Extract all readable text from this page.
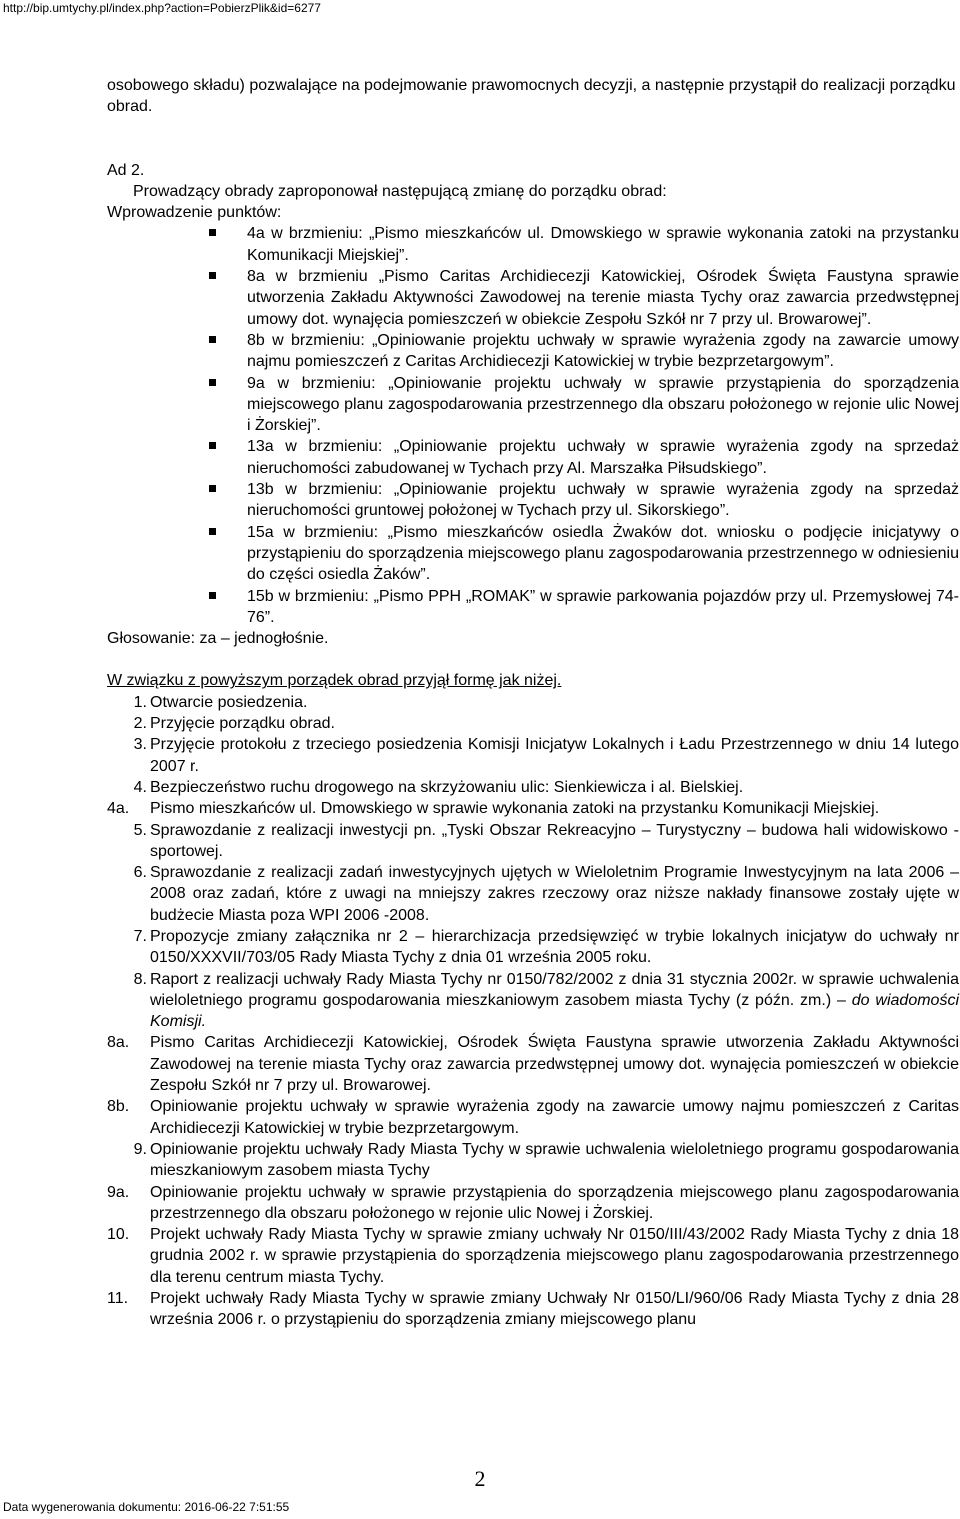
http://bip.umtychy.pl/index.php?action=PobierzPlik&id=6277

osobowego składu) pozwalające na podejmowanie prawomocnych decyzji, a następnie przystąpił do realizacji porządku obrad.

Ad 2.

Prowadzący obrady zaproponował następującą zmianę do porządku obrad:

Wprowadzenie punktów:

4a w brzmieniu: „Pismo mieszkańców ul. Dmowskiego w sprawie wykonania zatoki na przystanku Komunikacji Miejskiej”.
8a w brzmieniu „Pismo Caritas Archidiecezji Katowickiej, Ośrodek Święta Faustyna sprawie utworzenia Zakładu Aktywności Zawodowej na terenie miasta Tychy oraz zawarcia przedwstępnej umowy dot. wynajęcia pomieszczeń w obiekcie Zespołu Szkół nr 7 przy ul. Browarowej”.
8b w brzmieniu: „Opiniowanie projektu uchwały w sprawie wyrażenia zgody na zawarcie umowy najmu pomieszczeń z Caritas Archidiecezji Katowickiej w trybie bezprzetargowym”.
9a w brzmieniu: „Opiniowanie projektu uchwały w sprawie przystąpienia do sporządzenia miejscowego planu zagospodarowania przestrzennego dla obszaru położonego w rejonie ulic Nowej i Żorskiej”.
13a w brzmieniu: „Opiniowanie projektu uchwały w sprawie wyrażenia zgody na sprzedaż nieruchomości zabudowanej w Tychach przy Al. Marszałka Piłsudskiego”.
13b w brzmieniu: „Opiniowanie projektu uchwały w sprawie wyrażenia zgody na sprzedaż nieruchomości gruntowej położonej w Tychach przy ul. Sikorskiego”.
15a w brzmieniu: „Pismo mieszkańców osiedla Żwaków dot. wniosku o podjęcie inicjatywy o przystąpieniu do sporządzenia miejscowego planu zagospodarowania przestrzennego w odniesieniu do części osiedla Żaków”.
15b w brzmieniu: „Pismo PPH „ROMAK” w sprawie parkowania pojazdów przy ul. Przemysłowej 74-76”.

Głosowanie: za – jednogłośnie.

W związku z powyższym porządek obrad przyjął formę jak niżej.

1. Otwarcie posiedzenia.
2. Przyjęcie porządku obrad.
3. Przyjęcie protokołu z trzeciego posiedzenia Komisji Inicjatyw Lokalnych i Ładu Przestrzennego w dniu 14 lutego 2007 r.
4. Bezpieczeństwo ruchu drogowego na skrzyżowaniu ulic: Sienkiewicza i al. Bielskiej.
4a.	Pismo mieszkańców ul. Dmowskiego w sprawie wykonania zatoki na przystanku Komunikacji Miejskiej.
5. Sprawozdanie z realizacji inwestycji pn. „Tyski Obszar Rekreacyjno – Turystyczny – budowa hali widowiskowo - sportowej.
6. Sprawozdanie z realizacji zadań inwestycyjnych ujętych w Wieloletnim Programie Inwestycyjnym na lata 2006 – 2008 oraz zadań, które z uwagi na mniejszy zakres rzeczowy oraz niższe nakłady finansowe zostały ujęte w budżecie Miasta poza WPI 2006 -2008.
7. Propozycje zmiany załącznika nr 2 – hierarchizacja przedsięwzięć w trybie lokalnych inicjatyw do uchwały nr 0150/XXXVII/703/05 Rady Miasta Tychy z dnia 01 września 2005 roku.
8. Raport z realizacji uchwały Rady Miasta Tychy nr 0150/782/2002 z dnia 31 stycznia 2002r. w sprawie uchwalenia wieloletniego programu gospodarowania mieszkaniowym zasobem miasta Tychy (z późn. zm.) – do wiadomości Komisji.
8a.	Pismo Caritas Archidiecezji Katowickiej, Ośrodek Święta Faustyna sprawie utworzenia Zakładu Aktywności Zawodowej na terenie miasta Tychy oraz zawarcia przedwstępnej umowy dot. wynajęcia pomieszczeń w obiekcie Zespołu Szkół nr 7 przy ul. Browarowej.
8b.	Opiniowanie projektu uchwały w sprawie wyrażenia zgody na zawarcie umowy najmu pomieszczeń z Caritas Archidiecezji Katowickiej w trybie bezprzetargowym.
9. Opiniowanie projektu uchwały Rady Miasta Tychy w sprawie uchwalenia wieloletniego programu gospodarowania mieszkaniowym zasobem miasta Tychy
9a.	Opiniowanie projektu uchwały w sprawie przystąpienia do sporządzenia miejscowego planu zagospodarowania przestrzennego dla obszaru położonego w rejonie ulic Nowej i Żorskiej.
10.	Projekt uchwały Rady Miasta Tychy w sprawie zmiany uchwały Nr 0150/III/43/2002 Rady Miasta Tychy z dnia 18 grudnia 2002 r. w sprawie przystąpienia do sporządzenia miejscowego planu zagospodarowania przestrzennego dla terenu centrum miasta Tychy.
11.	Projekt uchwały Rady Miasta Tychy w sprawie zmiany Uchwały Nr 0150/LI/960/06 Rady Miasta Tychy z dnia 28 września 2006 r. o przystąpieniu do sporządzenia zmiany miejscowego planu
2
Data wygenerowania dokumentu: 2016-06-22 7:51:55
